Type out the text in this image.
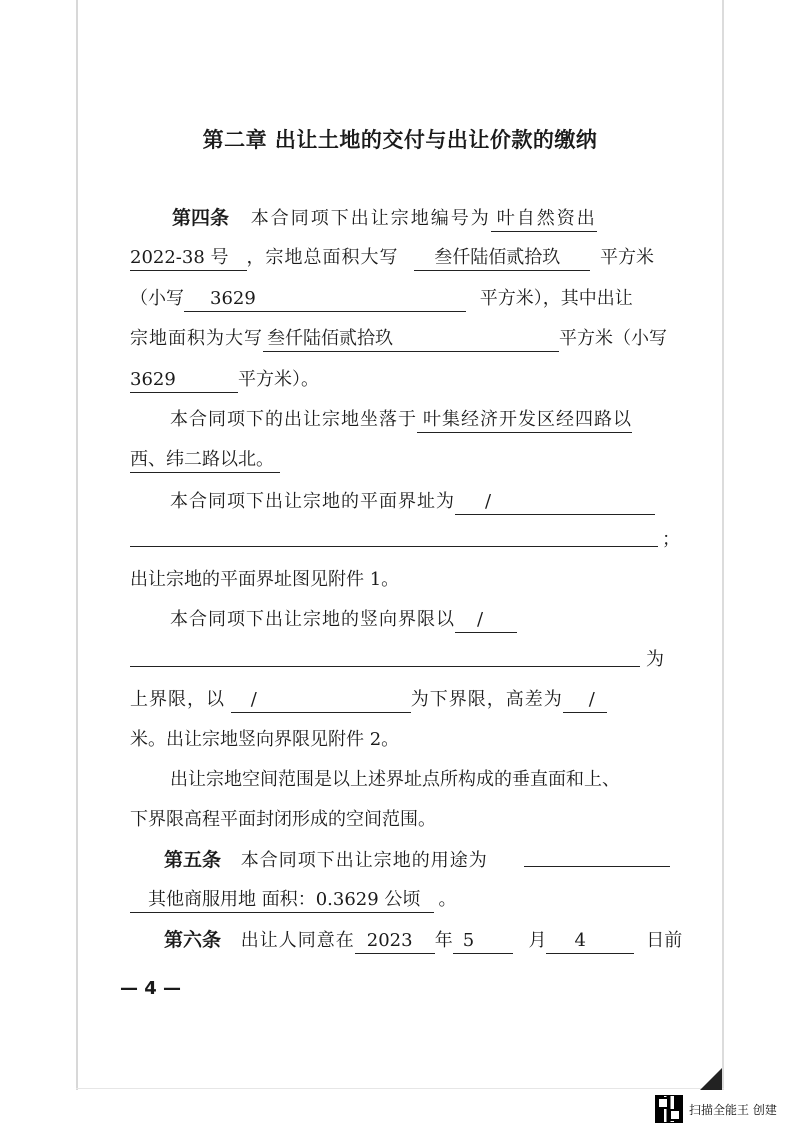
第二章 出让土地的交付与出让价款的缴纳
第四条 本合同项下出让宗地编号为 叶自然资出
2022-38 号 ，宗地总面积大写 叁仟陆佰贰拾玖 平方米
（小写 3629	平方米），其中出让
宗地面积为大写 叁仟陆佰贰拾玖	平方米（小写
3629	平方米）。
本合同项下的出让宗地坐落于 叶集经济开发区经四路以
西、纬二路以北。
本合同项下出让宗地的平面界址为 /
；
出让宗地的平面界址图见附件 1。
本合同项下出让宗地的竖向界限以 /
为
上界限，以 /	为下界限，高差为 /
米。出让宗地竖向界限见附件 2。
出让宗地空间范围是以上述界址点所构成的垂直面和上、
下界限高程平面封闭形成的空间范围。
第五条 本合同项下出让宗地的用途为
其他商服用地 面积：0.3629 公顷 。
第六条 出让人同意在 2023 年 5	月 4	日前
— 4 —
扫描全能王 创建
